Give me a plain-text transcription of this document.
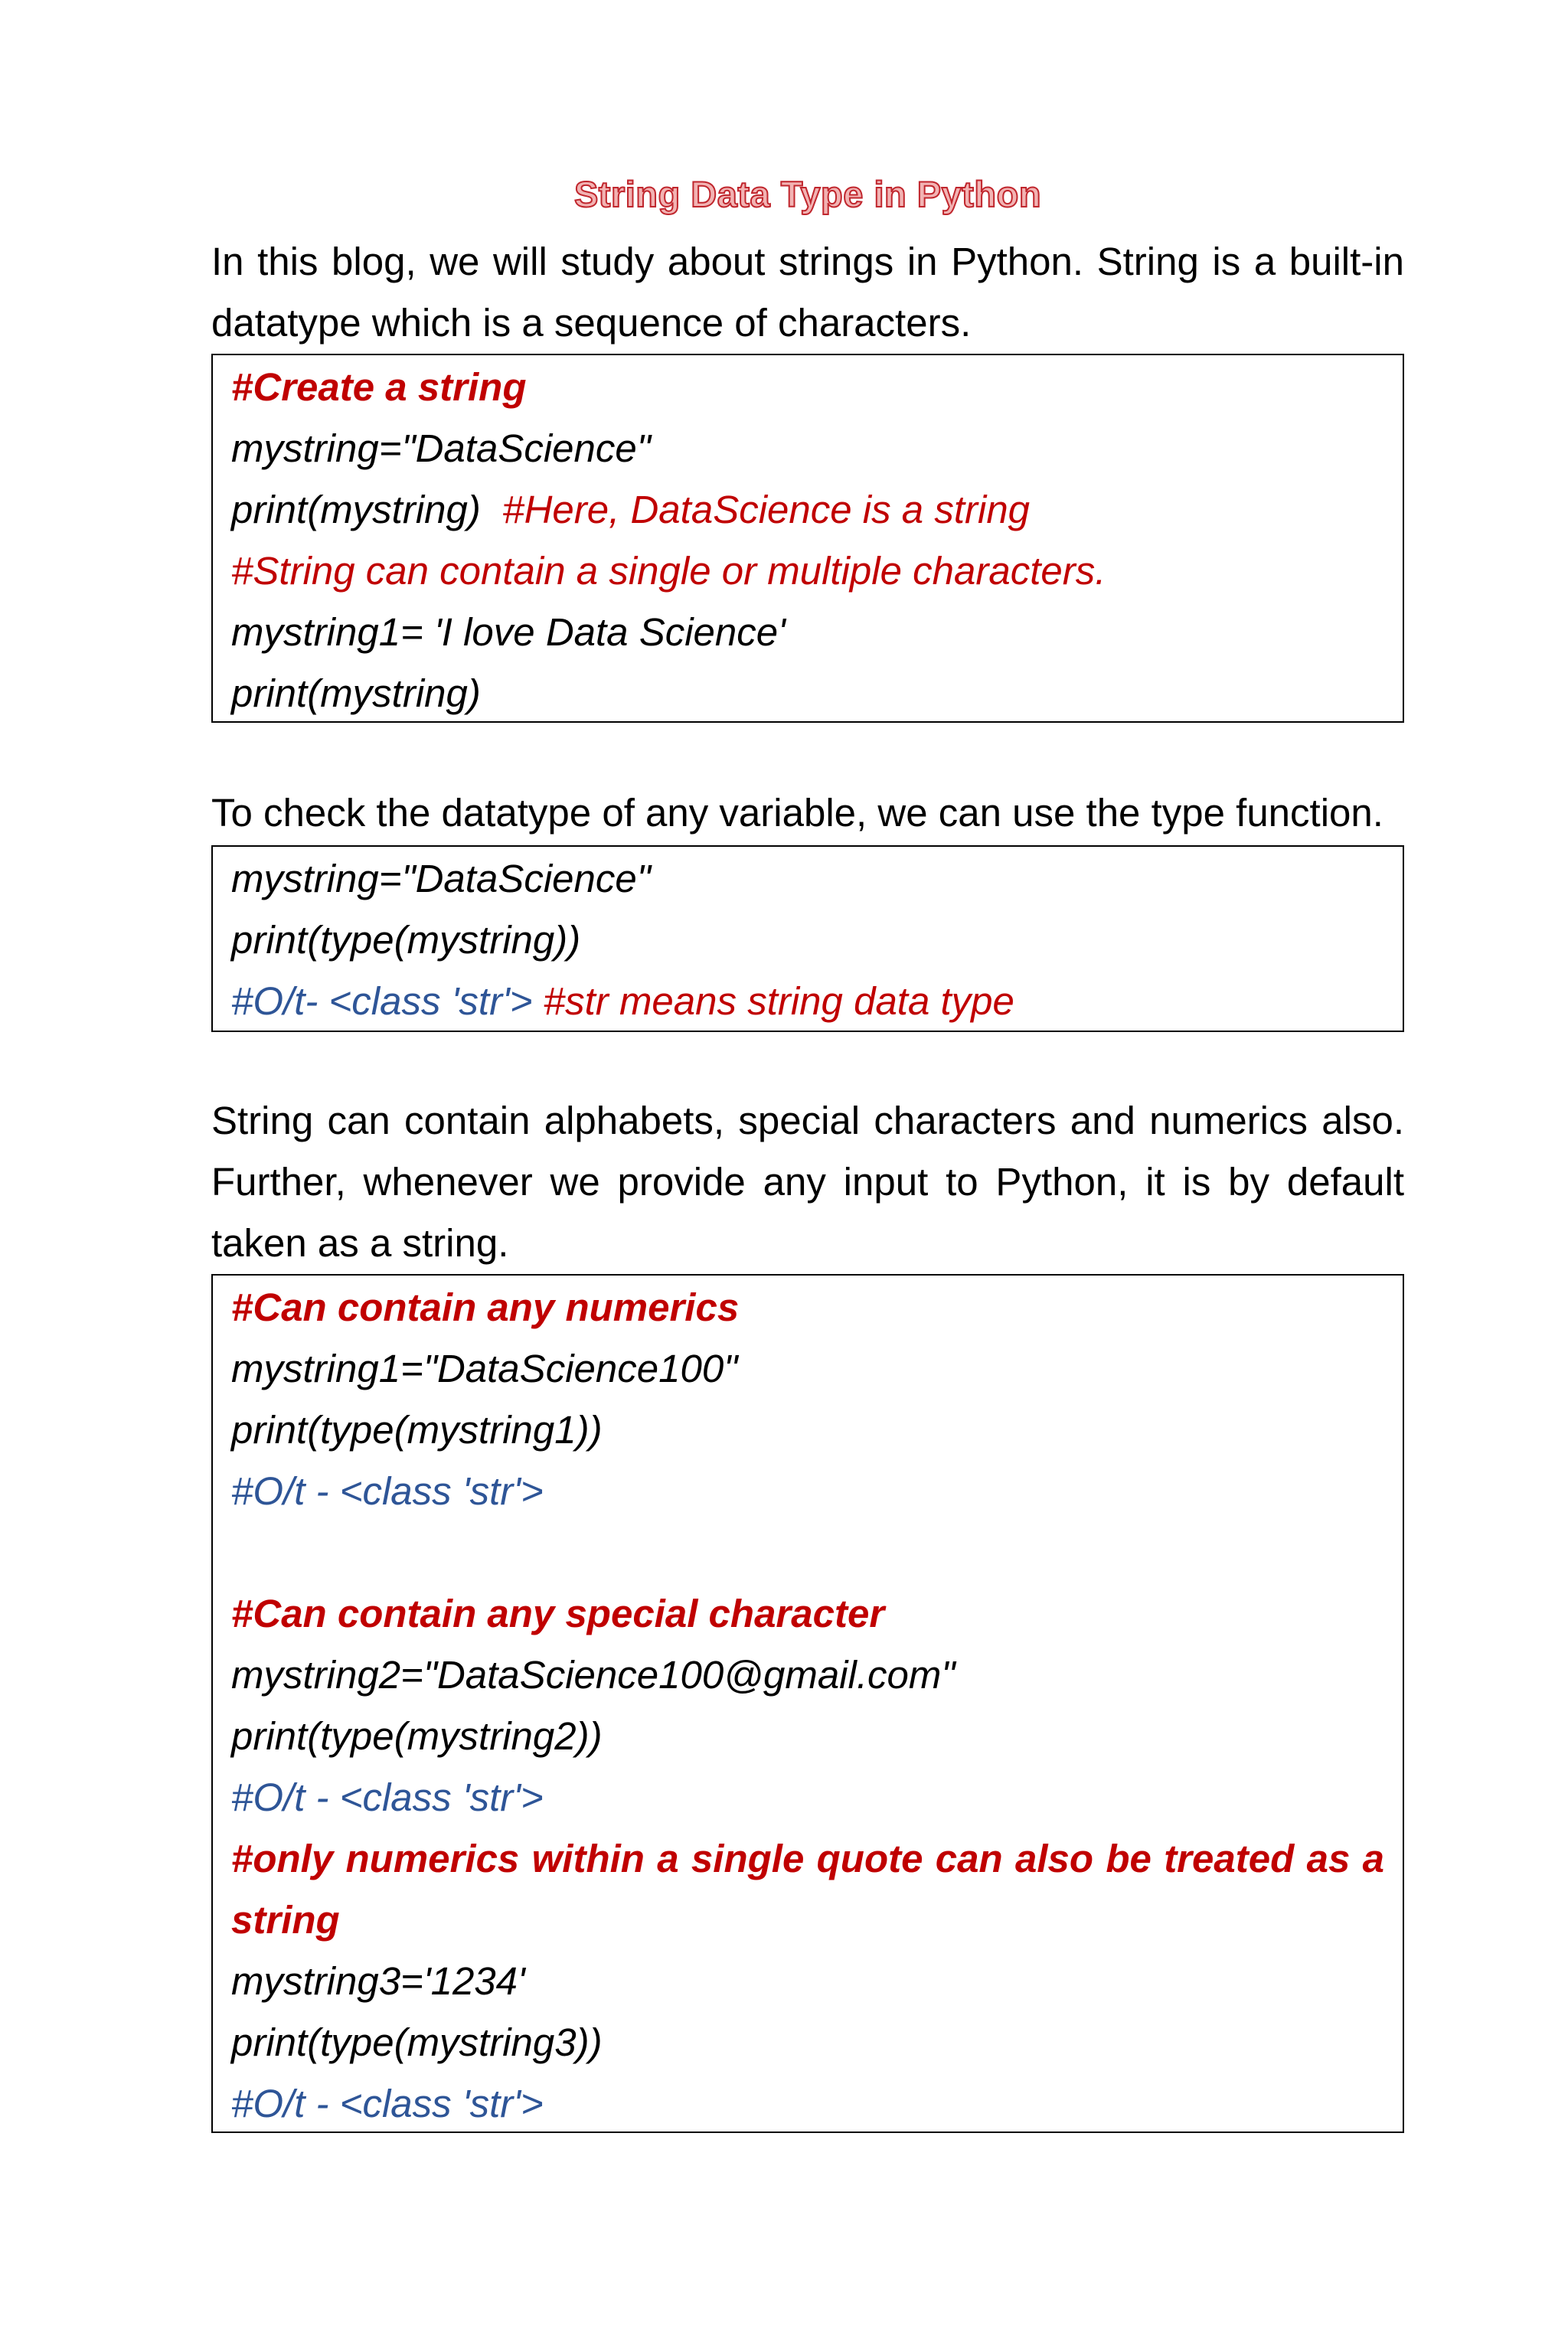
String Data Type in Python
In this blog, we will study about strings in Python. String is a built-in
datatype which is a sequence of characters.
#Create a string
mystring="DataScience"
print(mystring) #Here, DataScience is a string
#String can contain a single or multiple characters.
mystring1= 'I love Data Science'
print(mystring)
To check the datatype of any variable, we can use the type function.
mystring="DataScience"
print(type(mystring))
#O/t- <class 'str'> #str means string data type
String can contain alphabets, special characters and numerics also.
Further, whenever we provide any input to Python, it is by default
taken as a string.
#Can contain any numerics
mystring1="DataScience100"
print(type(mystring1))
#O/t - <class 'str'>
#Can contain any special character
mystring2="DataScience100@gmail.com"
print(type(mystring2))
#O/t - <class 'str'>
#only numerics within a single quote can also be treated as a
string
mystring3='1234'
print(type(mystring3))
#O/t - <class 'str'>
